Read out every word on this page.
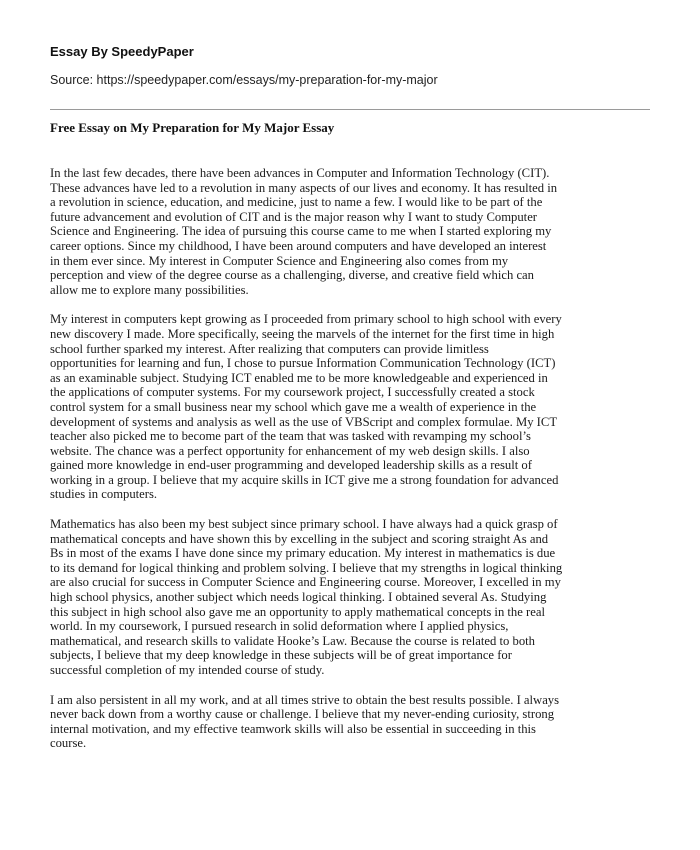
Essay By SpeedyPaper
Source: https://speedypaper.com/essays/my-preparation-for-my-major
Free Essay on My Preparation for My Major Essay
In the last few decades, there have been advances in Computer and Information Technology (CIT).
These advances have led to a revolution in many aspects of our lives and economy. It has resulted in
a revolution in science, education, and medicine, just to name a few. I would like to be part of the
future advancement and evolution of CIT and is the major reason why I want to study Computer
Science and Engineering. The idea of pursuing this course came to me when I started exploring my
career options. Since my childhood, I have been around computers and have developed an interest
in them ever since. My interest in Computer Science and Engineering also comes from my
perception and view of the degree course as a challenging, diverse, and creative field which can
allow me to explore many possibilities.
My interest in computers kept growing as I proceeded from primary school to high school with every
new discovery I made. More specifically, seeing the marvels of the internet for the first time in high
school further sparked my interest. After realizing that computers can provide limitless
opportunities for learning and fun, I chose to pursue Information Communication Technology (ICT)
as an examinable subject. Studying ICT enabled me to be more knowledgeable and experienced in
the applications of computer systems. For my coursework project, I successfully created a stock
control system for a small business near my school which gave me a wealth of experience in the
development of systems and analysis as well as the use of VBScript and complex formulae. My ICT
teacher also picked me to become part of the team that was tasked with revamping my school’s
website. The chance was a perfect opportunity for enhancement of my web design skills. I also
gained more knowledge in end-user programming and developed leadership skills as a result of
working in a group. I believe that my acquire skills in ICT give me a strong foundation for advanced
studies in computers.
Mathematics has also been my best subject since primary school. I have always had a quick grasp of
mathematical concepts and have shown this by excelling in the subject and scoring straight As and
Bs in most of the exams I have done since my primary education. My interest in mathematics is due
to its demand for logical thinking and problem solving. I believe that my strengths in logical thinking
are also crucial for success in Computer Science and Engineering course. Moreover, I excelled in my
high school physics, another subject which needs logical thinking. I obtained several As. Studying
this subject in high school also gave me an opportunity to apply mathematical concepts in the real
world. In my coursework, I pursued research in solid deformation where I applied physics,
mathematical, and research skills to validate Hooke’s Law. Because the course is related to both
subjects, I believe that my deep knowledge in these subjects will be of great importance for
successful completion of my intended course of study.
I am also persistent in all my work, and at all times strive to obtain the best results possible. I always
never back down from a worthy cause or challenge. I believe that my never-ending curiosity, strong
internal motivation, and my effective teamwork skills will also be essential in succeeding in this
course.
